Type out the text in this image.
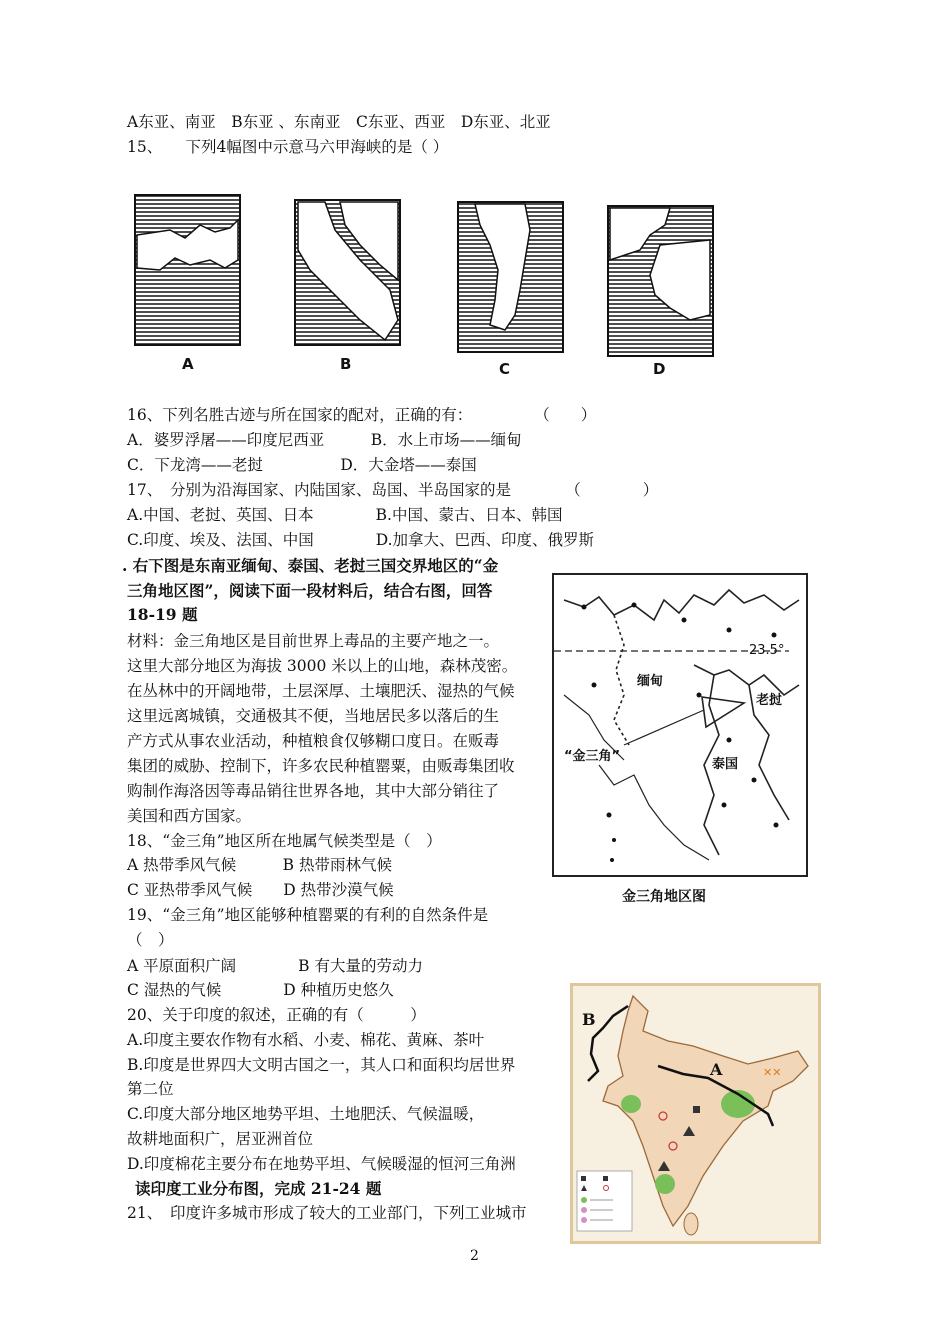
A东亚、南亚　B东亚 、东南亚　C东亚、西亚　D东亚、北亚
15、　　下列4幅图中示意马六甲海峡的是（ ）
A	B	C	D
16、下列名胜古迹与所在国家的配对，正确的有：　　　　　（　　）
A．婆罗浮屠——印度尼西亚　　　B．水上市场——缅甸
C．下龙湾——老挝　　　　　D．大金塔——泰国
17、　分别为沿海国家、内陆国家、岛国、半岛国家的是　　　　（　　　　）
A.中国、老挝、英国、日本　　　　B.中国、蒙古、日本、韩国
C.印度、埃及、法国、中国　　　　D.加拿大、巴西、印度、俄罗斯
. 右下图是东南亚缅甸、泰国、老挝三国交界地区的“金
三角地区图”，阅读下面一段材料后，结合右图，回答
18-19 题
材料：金三角地区是目前世界上毒品的主要产地之一。
这里大部分地区为海拔 3000 米以上的山地，森林茂密。
在丛林中的开阔地带，土层深厚、土壤肥沃、湿热的气候
这里远离城镇，交通极其不便，当地居民多以落后的生
产方式从事农业活动，种植粮食仅够糊口度日。在贩毒
集团的威胁、控制下，许多农民种植罂粟，由贩毒集团收
购制作海洛因等毒品销往世界各地，其中大部分销往了
美国和西方国家。
23.5°
缅甸
老挝
泰国
“金三角”
金三角地区图
18、“金三角”地区所在地属气候类型是（　）
A 热带季风气候　　　B 热带雨林气候
C 亚热带季风气候　　D 热带沙漠气候
19、“金三角”地区能够种植罂粟的有利的自然条件是
（　）
A 平原面积广阔　　　　B 有大量的劳动力
C 湿热的气候　　　　D 种植历史悠久
20、关于印度的叙述，正确的有（　　　）
A.印度主要农作物有水稻、小麦、棉花、黄麻、茶叶
B.印度是世界四大文明古国之一，其人口和面积均居世界
第二位
C.印度大部分地区地势平坦、土地肥沃、气候温暖，
故耕地面积广，居亚洲首位
D.印度棉花主要分布在地势平坦、气候暖湿的恒河三角洲
读印度工业分布图，完成 21-24 题
21、　印度许多城市形成了较大的工业部门，下列工业城市
✕✕
B
A
2
